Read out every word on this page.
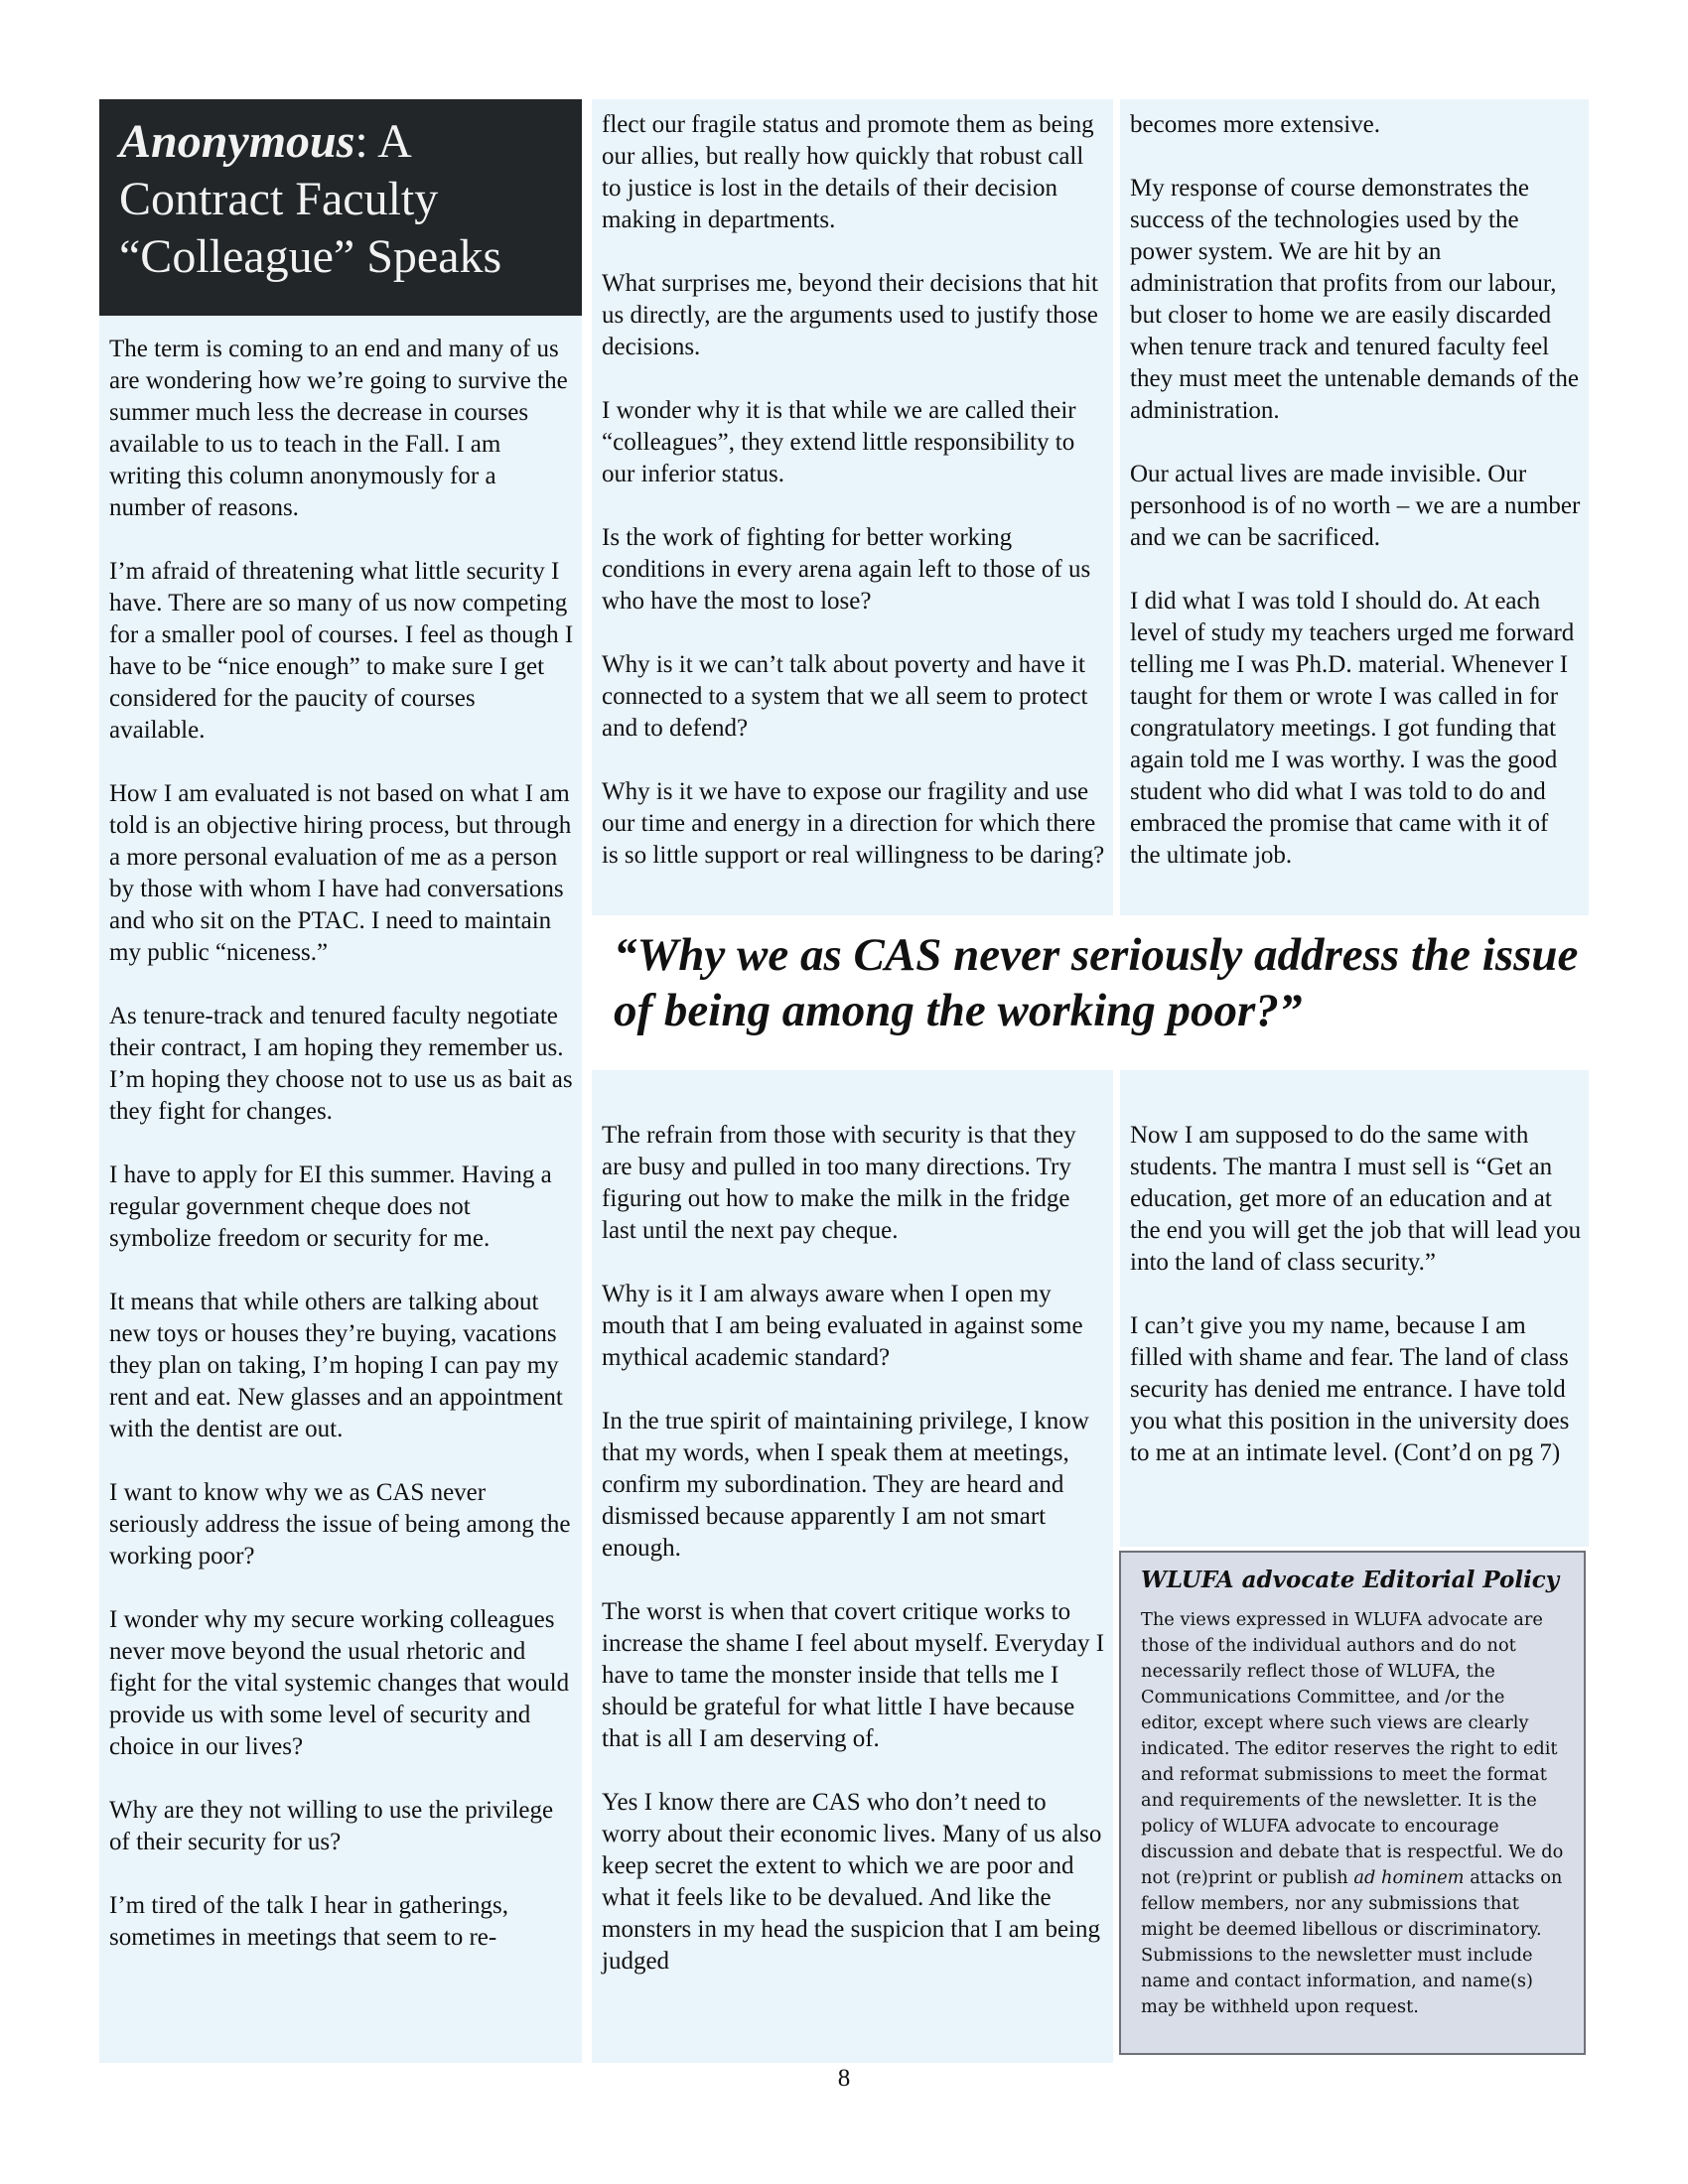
The term is coming to an end and many of us are wondering how we’re going to survive the summer much less the decrease in courses available to us to teach in the Fall. I am writing this column anonymously for a number of reasons.

I’m afraid of threatening what little security I have. There are so many of us now competing for a smaller pool of courses. I feel as though I have to be “nice enough” to make sure I get considered for the paucity of courses available.

How I am evaluated is not based on what I am told is an objective hiring process, but through a more personal evaluation of me as a person by those with whom I have had conversations and who sit on the PTAC. I need to maintain my public “niceness.”

As tenure-track and tenured faculty negotiate their contract, I am hoping they remember us. I’m hoping they choose not to use us as bait as they fight for changes.

I have to apply for EI this summer. Having a regular government cheque does not symbolize freedom or security for me.

It means that while others are talking about new toys or houses they’re buying, vacations they plan on taking, I’m hoping I can pay my rent and eat. New glasses and an appointment with the dentist are out.

I want to know why we as CAS never seriously address the issue of being among the working poor?

I wonder why my secure working colleagues never move beyond the usual rhetoric and fight for the vital systemic changes that would provide us with some level of security and choice in our lives?

Why are they not willing to use the privilege of their security for us?

I’m tired of the talk I hear in gatherings, sometimes in meetings that seem to re-

Anonymous: A Contract Faculty “Colleague” Speaks

flect our fragile status and promote them as being our allies, but really how quickly that robust call to justice is lost in the details of their decision making in departments.

What surprises me, beyond their decisions that hit us directly, are the arguments used to justify those decisions.

I wonder why it is that while we are called their “colleagues”, they extend little responsibility to our inferior status.

Is the work of fighting for better working conditions in every arena again left to those of us who have the most to lose?

Why is it we can’t talk about poverty and have it connected to a system that we all seem to protect and to defend?

Why is it we have to expose our fragility and use our time and energy in a direction for which there is so little support or real willingness to be daring?

becomes more extensive.

My response of course demonstrates the success of the technologies used by the power system. We are hit by an administration that profits from our labour, but closer to home we are easily discarded when tenure track and tenured faculty feel they must meet the untenable demands of the administration.

Our actual lives are made invisible. Our personhood is of no worth – we are a number and we can be sacrificed.

I did what I was told I should do. At each level of study my teachers urged me forward telling me I was Ph.D. material. Whenever I taught for them or wrote I was called in for congratulatory meetings. I got funding that again told me I was worthy. I was the good student who did what I was told to do and embraced the promise that came with it of the ultimate job.

“Why we as CAS never seriously address the issue of being among the working poor?”

The refrain from those with security is that they are busy and pulled in too many directions. Try figuring out how to make the milk in the fridge last until the next pay cheque.

Why is it I am always aware when I open my mouth that I am being evaluated in against some mythical academic standard?

In the true spirit of maintaining privilege, I know that my words, when I speak them at meetings, confirm my subordination. They are heard and dismissed because apparently I am not smart enough.

The worst is when that covert critique works to increase the shame I feel about myself. Everyday I have to tame the monster inside that tells me I should be grateful for what little I have because that is all I am deserving of.

Yes I know there are CAS who don’t need to worry about their economic lives. Many of us also keep secret the extent to which we are poor and what it feels like to be devalued. And like the monsters in my head the suspicion that I am being judged

Now I am supposed to do the same with students. The mantra I must sell is “Get an education, get more of an education and at the end you will get the job that will lead you into the land of class security.”

I can’t give you my name, because I am filled with shame and fear. The land of class security has denied me entrance. I have told you what this position in the university does to me at an intimate level. (Cont’d on pg 7)

WLUFA advocate Editorial Policy

The views expressed in WLUFA advocate are those of the individual authors and do not necessarily reflect those of WLUFA, the Communications Committee, and /or the editor, except where such views are clearly indicated. The editor reserves the right to edit and reformat submissions to meet the format and requirements of the newsletter. It is the policy of WLUFA advocate to encourage discussion and debate that is respectful. We do not (re)print or publish ad hominem attacks on fellow members, nor any submissions that might be deemed libellous or discriminatory. Submissions to the newsletter must include name and contact information, and name(s) may be withheld upon request.

8
